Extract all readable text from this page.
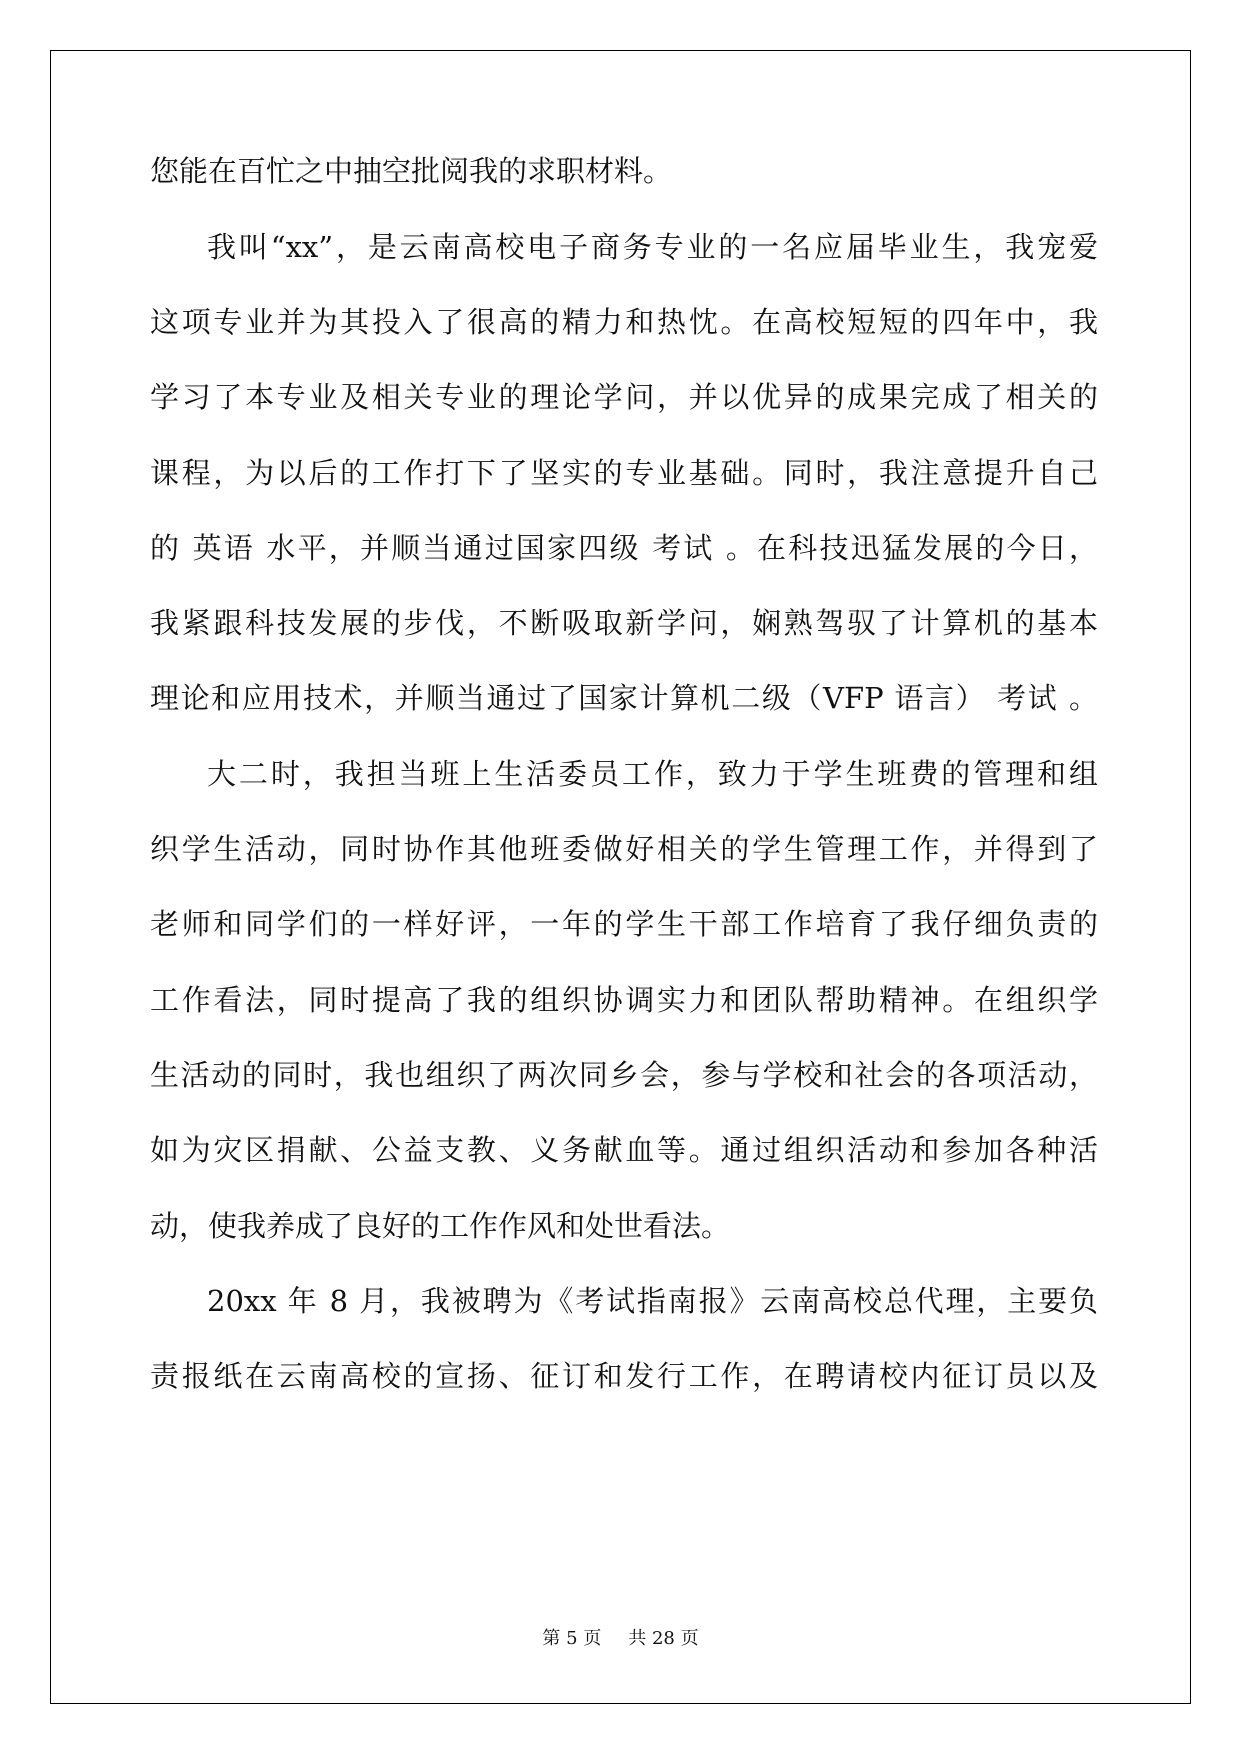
您能在百忙之中抽空批阅我的求职材料。
我叫“xx”，是云南高校电子商务专业的一名应届毕业生，我宠爱
这项专业并为其投入了很高的精力和热忱。在高校短短的四年中，我
学习了本专业及相关专业的理论学问，并以优异的成果完成了相关的
课程，为以后的工作打下了坚实的专业基础。同时，我注意提升自己
的 英语 水平，并顺当通过国家四级 考试 。在科技迅猛发展的今日，
我紧跟科技发展的步伐，不断吸取新学问，娴熟驾驭了计算机的基本
理论和应用技术，并顺当通过了国家计算机二级（VFP 语言） 考试 。
大二时，我担当班上生活委员工作，致力于学生班费的管理和组
织学生活动，同时协作其他班委做好相关的学生管理工作，并得到了
老师和同学们的一样好评，一年的学生干部工作培育了我仔细负责的
工作看法，同时提高了我的组织协调实力和团队帮助精神。在组织学
生活动的同时，我也组织了两次同乡会，参与学校和社会的各项活动，
如为灾区捐献、公益支教、义务献血等。通过组织活动和参加各种活
动，使我养成了良好的工作作风和处世看法。
20xx 年 8 月，我被聘为《考试指南报》云南高校总代理，主要负
责报纸在云南高校的宣扬、征订和发行工作，在聘请校内征订员以及
第 5 页 共 28 页
